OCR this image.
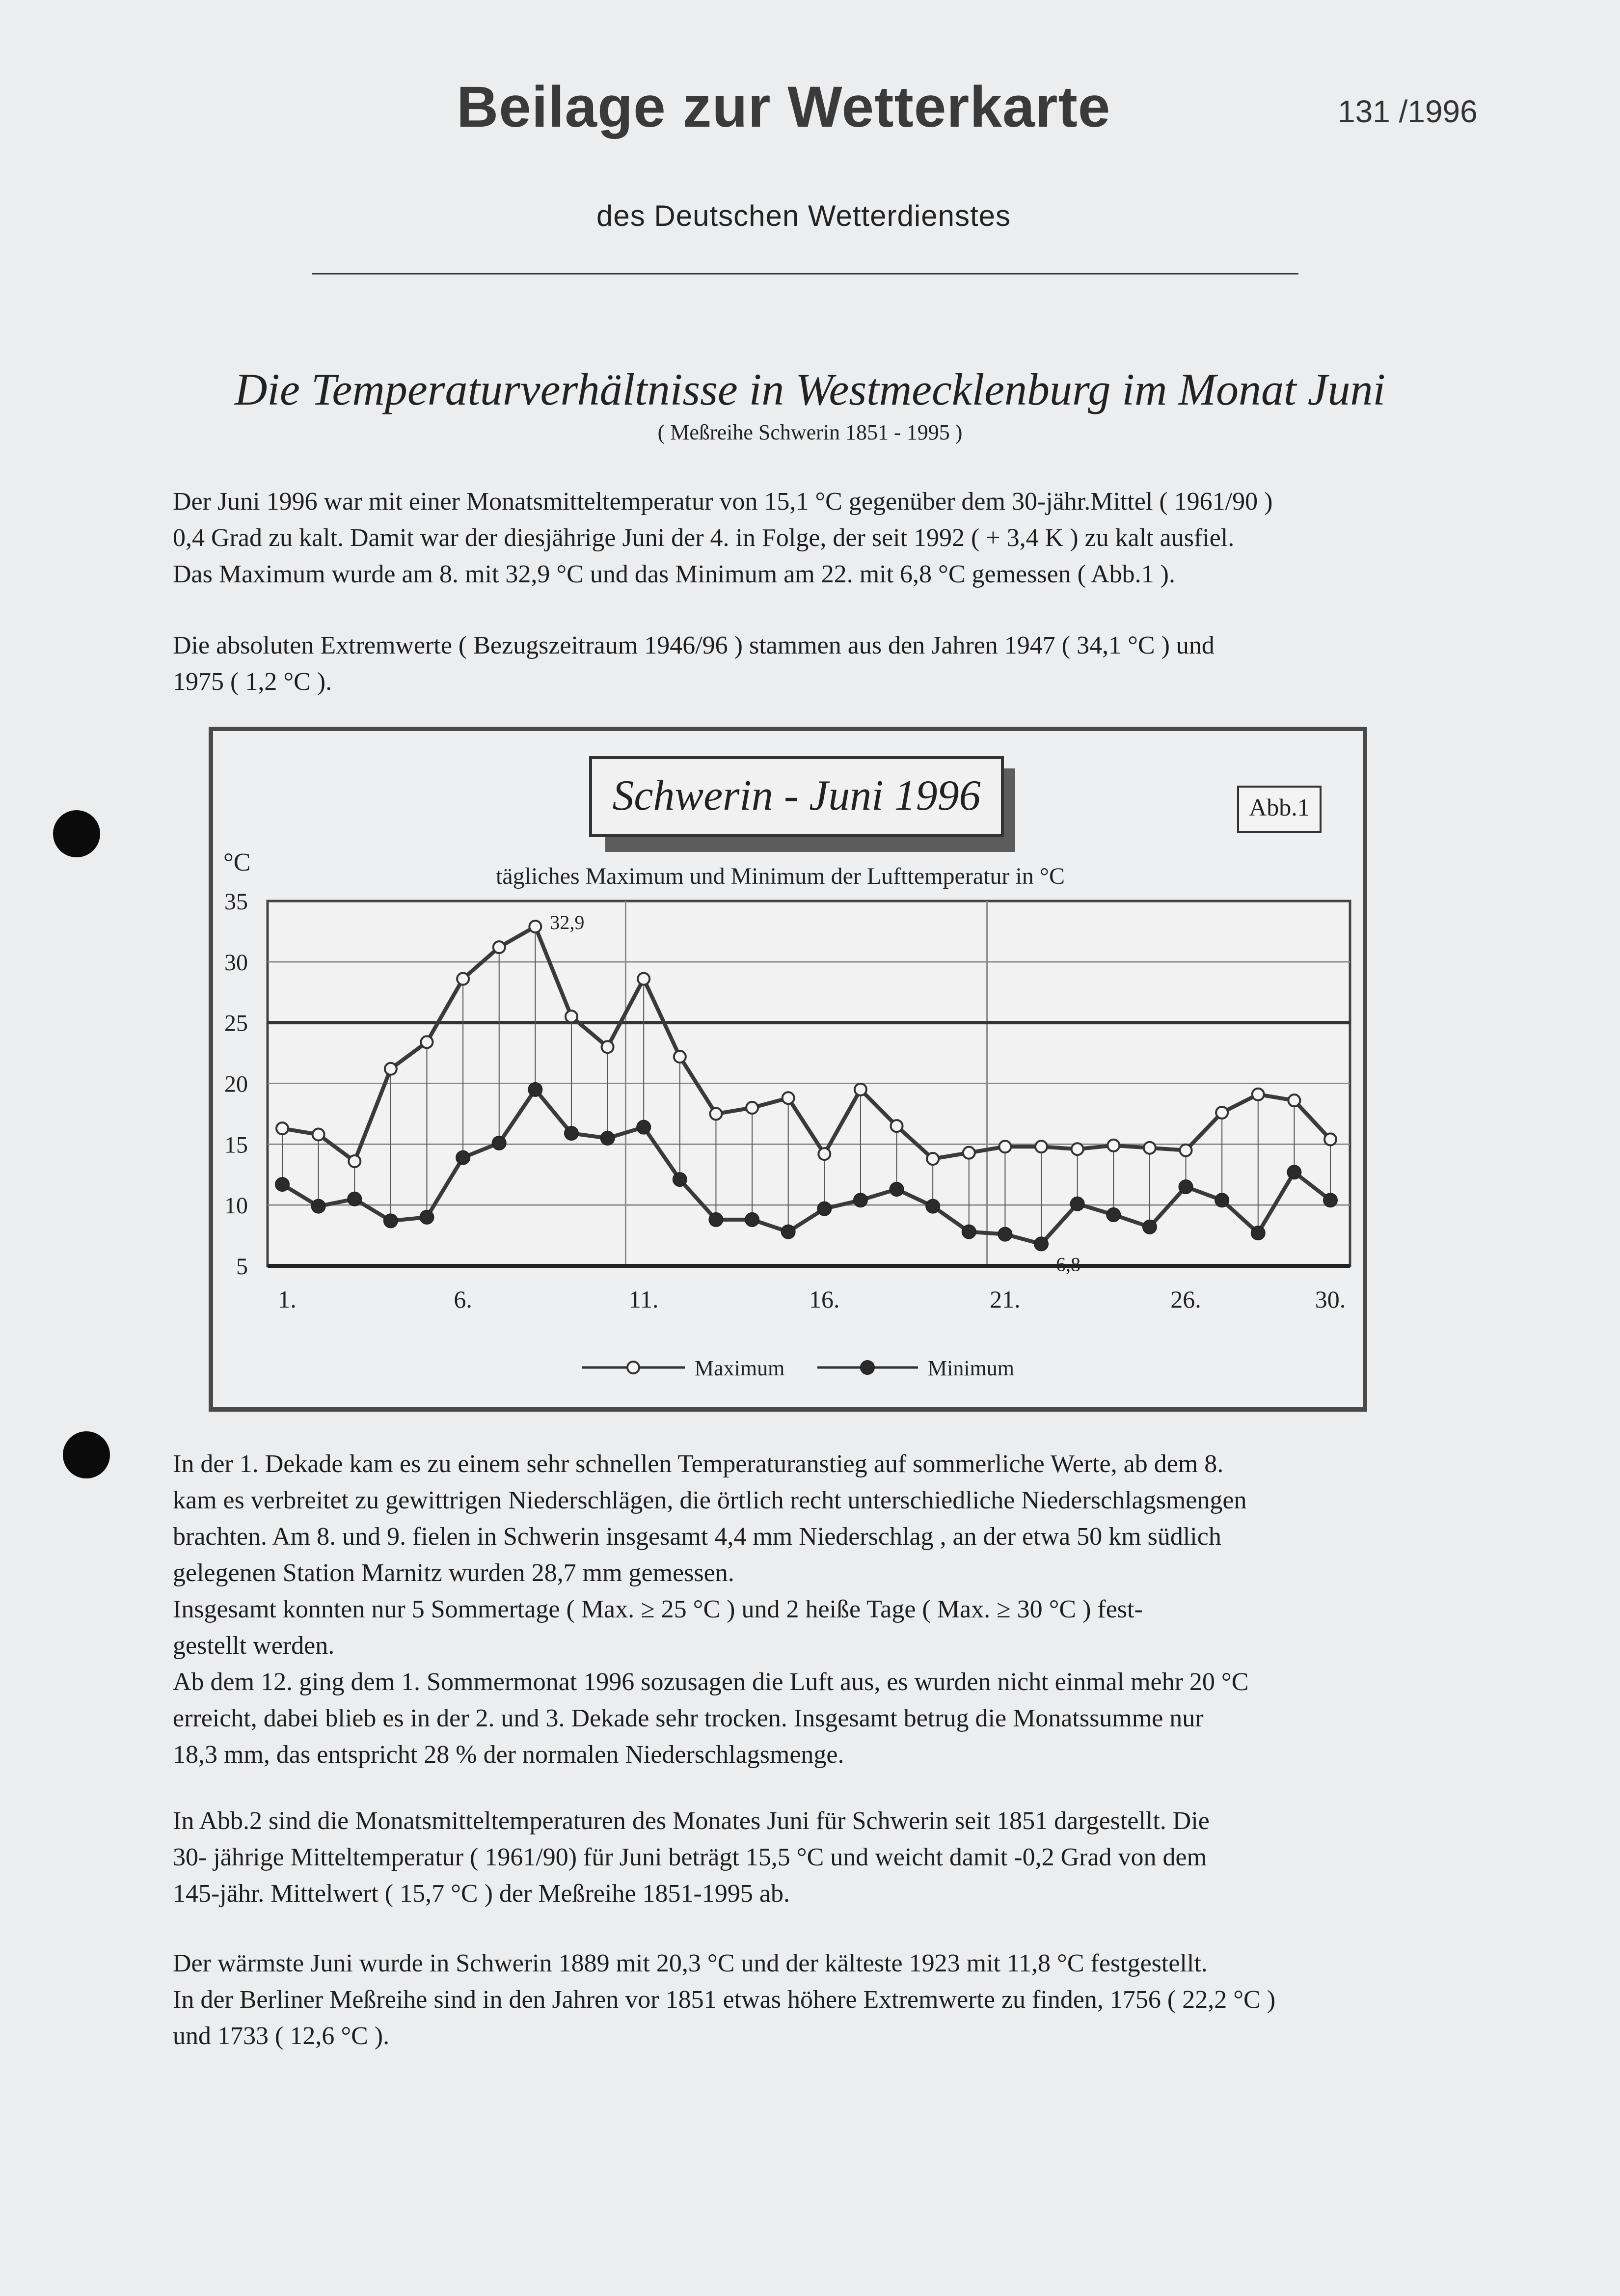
Beilage zur Wetterkarte	131 /1996
des Deutschen Wetterdienstes
Die Temperaturverhältnisse in Westmecklenburg im Monat Juni
( Meßreihe Schwerin 1851 - 1995 )

Der Juni 1996 war mit einer Monatsmitteltemperatur von 15,1 °C gegenüber dem 30-jähr.Mittel ( 1961/90 )

0,4 Grad zu kalt. Damit war der diesjährige Juni der 4. in Folge, der seit 1992 ( + 3,4 K ) zu kalt ausfiel.

Das Maximum wurde am 8. mit 32,9 °C und das Minimum am 22. mit 6,8 °C gemessen ( Abb.1 ).

Die absoluten Extremwerte ( Bezugszeitraum 1946/96 ) stammen aus den Jahren 1947 ( 34,1 °C ) und

1975 ( 1,2 °C ).

Schwerin - Juni 1996	Abb.1
°C	tägliches Maximum und Minimum der Lufttemperatur in °C
5
10
15
20
25
30
35
1.	6.	11.	16.	21.	26.	30.
32,9
6,8
Maximum	Minimum

In der 1. Dekade kam es zu einem sehr schnellen Temperaturanstieg auf sommerliche Werte, ab dem 8.

kam es verbreitet zu gewittrigen Niederschlägen, die örtlich recht unterschiedliche Niederschlagsmengen

brachten. Am 8. und 9. fielen in Schwerin insgesamt 4,4 mm Niederschlag , an der etwa 50 km südlich

gelegenen Station Marnitz wurden 28,7 mm gemessen.

Insgesamt konnten nur 5 Sommertage ( Max. ≥ 25 °C ) und 2 heiße Tage ( Max. ≥ 30 °C ) fest-

gestellt werden.

Ab dem 12. ging dem 1. Sommermonat 1996 sozusagen die Luft aus, es wurden nicht einmal mehr 20 °C

erreicht, dabei blieb es in der 2. und 3. Dekade sehr trocken. Insgesamt betrug die Monatssumme nur

18,3 mm, das entspricht 28 % der normalen Niederschlagsmenge.

In Abb.2 sind die Monatsmitteltemperaturen des Monates Juni für Schwerin seit 1851 dargestellt. Die

30- jährige Mitteltemperatur ( 1961/90) für Juni beträgt 15,5 °C und weicht damit -0,2 Grad von dem

145-jähr. Mittelwert ( 15,7 °C ) der Meßreihe 1851-1995 ab.

Der wärmste Juni wurde in Schwerin 1889 mit 20,3 °C und der kälteste 1923 mit 11,8 °C festgestellt.

In der Berliner Meßreihe sind in den Jahren vor 1851 etwas höhere Extremwerte zu finden, 1756 ( 22,2 °C )

und 1733 ( 12,6 °C ).
